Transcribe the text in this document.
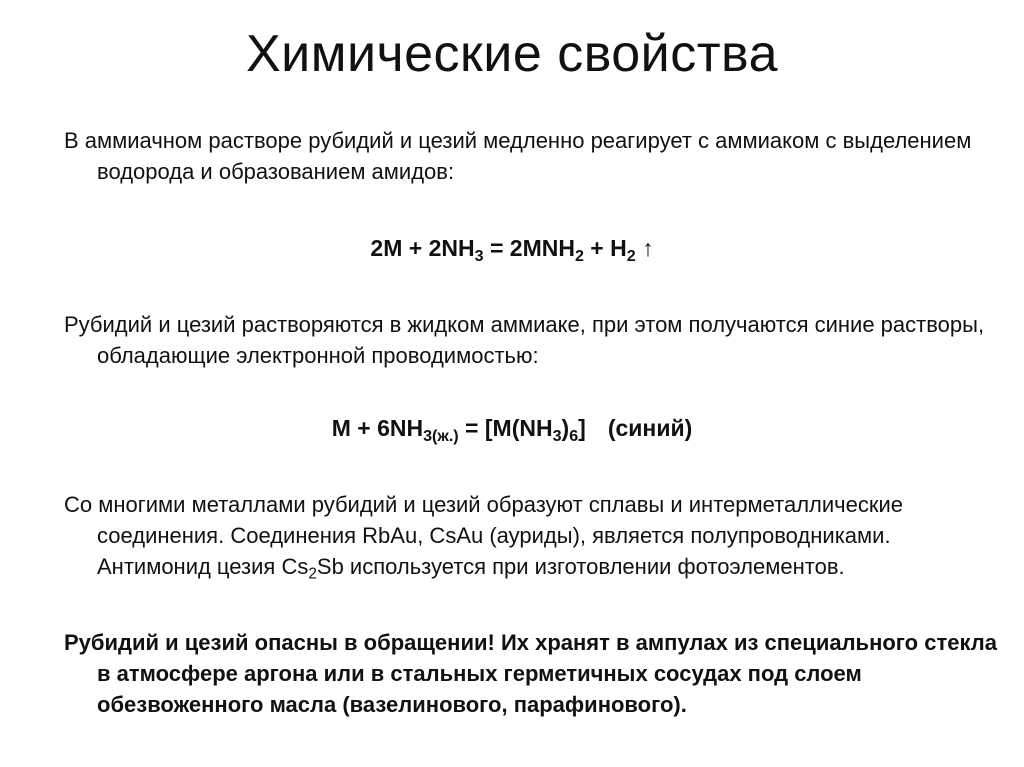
Химические свойства
В аммиачном растворе рубидий и цезий медленно реагирует с аммиаком с выделением водорода и образованием амидов:
$2M + 2NH_3 = 2MNH_2 + H_2$ ↑
Рубидий и цезий растворяются в жидком аммиаке, при этом получаются синие растворы, обладающие электронной проводимостью:
$M + 6NH_{3(ж.)} = [M(NH_3)_6]$ (синий)
Со многими металлами рубидий и цезий образуют сплавы и интерметаллические соединения. Соединения RbAu, CsAu (ауриды), является полупроводниками. Антимонид цезия $Cs_2Sb$ используется при изготовлении фотоэлементов.
Рубидий и цезий опасны в обращении! Их хранят в ампулах из специального стекла в атмосфере аргона или в стальных герметичных сосудах под слоем обезвоженного масла (вазелинового, парафинового).
